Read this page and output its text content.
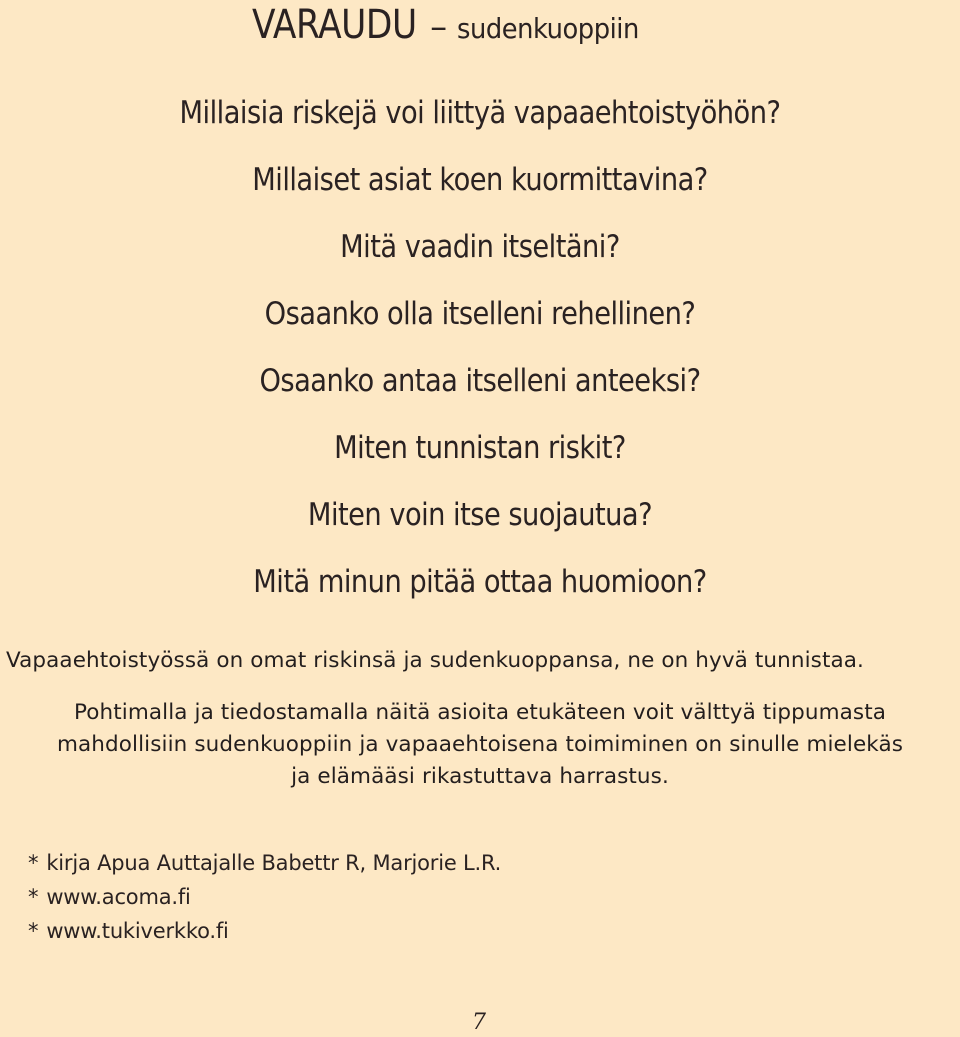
VARAUDU – sudenkuoppiin
Millaisia riskejä voi liittyä vapaaehtoistyöhön?
Millaiset asiat koen kuormittavina?
Mitä vaadin itseltäni?
Osaanko olla itselleni rehellinen?
Osaanko antaa itselleni anteeksi?
Miten tunnistan riskit?
Miten voin itse suojautua?
Mitä minun pitää ottaa huomioon?
Vapaaehtoistyössä on omat riskinsä ja sudenkuoppansa, ne on hyvä tunnistaa.

Pohtimalla ja tiedostamalla näitä asioita etukäteen voit välttyä tippumasta
mahdollisiin sudenkuoppiin ja vapaaehtoisena toimiminen on sinulle mielekäs
ja elämääsi rikastuttava harrastus.

* kirja Apua Auttajalle Babettr R, Marjorie L.R.
* www.acoma.fi
* www.tukiverkko.fi
7
